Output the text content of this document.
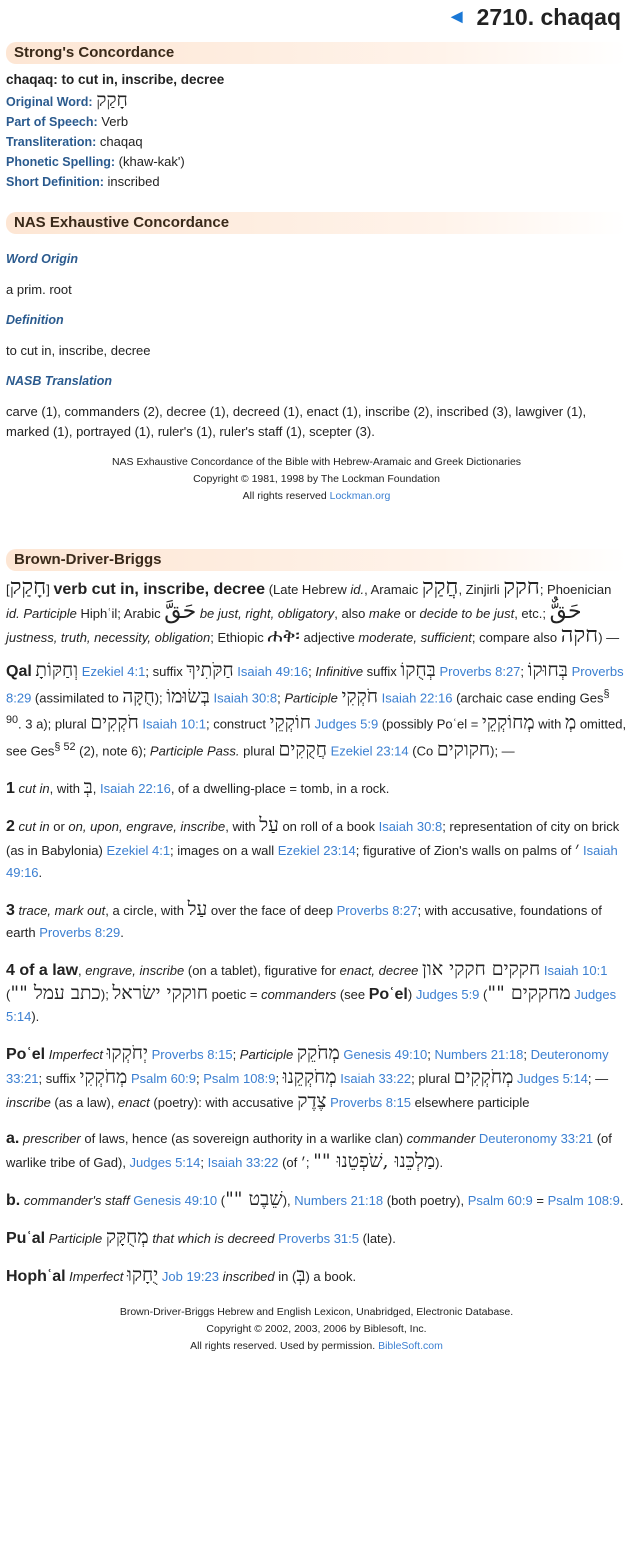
◄ 2710. chaqaq
Strong's Concordance

chaqaq: to cut in, inscribe, decree

Original Word: חָקַק

Part of Speech: Verb

Transliteration: chaqaq

Phonetic Spelling: (khaw-kak')

Short Definition: inscribed

NAS Exhaustive Concordance

Word Origin

a prim. root

Definition

to cut in, inscribe, decree

NASB Translation

carve (1), commanders (2), decree (1), decreed (1), enact (1), inscribe (2), inscribed (3), lawgiver (1), marked (1), portrayed (1), ruler's (1), ruler's staff (1), scepter (3).

NAS Exhaustive Concordance of the Bible with Hebrew-Aramaic and Greek Dictionaries
Copyright © 1981, 1998 by The Lockman Foundation
All rights reserved Lockman.org
Brown-Driver-Briggs

[חָקַק] verb cut in, inscribe, decree (Late Hebrew id., Aramaic חֲקַק, Zinjirli חקק; Phoenician id. Participle Hiphʿil; Arabic حَقَّ be just, right, obligatory, also make or decide to be just, etc.; حَقٌّ justness, truth, necessity, obligation; Ethiopic ሐቅ፡ adjective moderate, sufficient; compare also חקה) —

Qal וְחַקּוֹתָ Ezekiel 4:1; suffix חַקֹּתִיךְ Isaiah 49:16; Infinitive suffix בְּחֻקוֹ Proverbs 8:27; בְּחוּקוֹ Proverbs 8:29 (assimilated to חֻקָּה); בְּשׂוּמוֹ Isaiah 30:8; Participle חֹקְקִי Isaiah 22:16 (archaic case ending Ges$^{\S 90}$. 3 a); plural חֹקְקִים Isaiah 10:1; construct חוֹקְקֵי Judges 5:9 (possibly Poʿel = מְחוֹקְקֵי with מְ omitted, see Ges$^{\S 52}$ (2), note 6); Participle Pass. plural חֲקֻקִים Ezekiel 23:14 (Co חקוקים); —

1 cut in, with בְּ, Isaiah 22:16, of a dwelling-place = tomb, in a rock.

2 cut in or on, upon, engrave, inscribe, with עַל on roll of a book Isaiah 30:8; representation of city on brick (as in Babylonia) Ezekiel 4:1; images on a wall Ezekiel 23:14; figurative of Zion's walls on palms of ׳ Isaiah 49:16.

3 trace, mark out, a circle, with עַל over the face of deep Proverbs 8:27; with accusative, foundations of earth Proverbs 8:29.

4 of a law, engrave, inscribe (on a tablet), figurative for enact, decree חקקים חקקי און Isaiah 10:1 ("" כתב עמל); חוקקי ישׂראל poetic = commanders (see Poʿel) Judges 5:9 ("" מחקקים Judges 5:14).

Poʿel Imperfect יְחֹקְקוּ Proverbs 8:15; Participle מְחֹקֵק Genesis 49:10; Numbers 21:18; Deuteronomy 33:21; suffix מְחֹקְקִי Psalm 60:9; Psalm 108:9; מְחֹקְקֵנוּ Isaiah 33:22; plural מְחֹקְקִים Judges 5:14; — inscribe (as a law), enact (poetry): with accusative צֶדֶק Proverbs 8:15 elsewhere participle

a. prescriber of laws, hence (as sovereign authority in a warlike clan) commander Deuteronomy 33:21 (of warlike tribe of Gad), Judges 5:14; Isaiah 33:22 (of מַלְכֵּנוּ ,שֹׁפְטֵנוּ "" ;׳).

b. commander's staff Genesis 49:10 ("" שֵׁבֶט), Numbers 21:18 (both poetry), Psalm 60:9 = Psalm 108:9.

Puʿal Participle מְחֻקָּק that which is decreed Proverbs 31:5 (late).

Hophʿal Imperfect יֻחָקוּ Job 19:23 inscribed in (בְּ) a book.

Brown-Driver-Briggs Hebrew and English Lexicon, Unabridged, Electronic Database.
Copyright © 2002, 2003, 2006 by Biblesoft, Inc.
All rights reserved. Used by permission. BibleSoft.com
